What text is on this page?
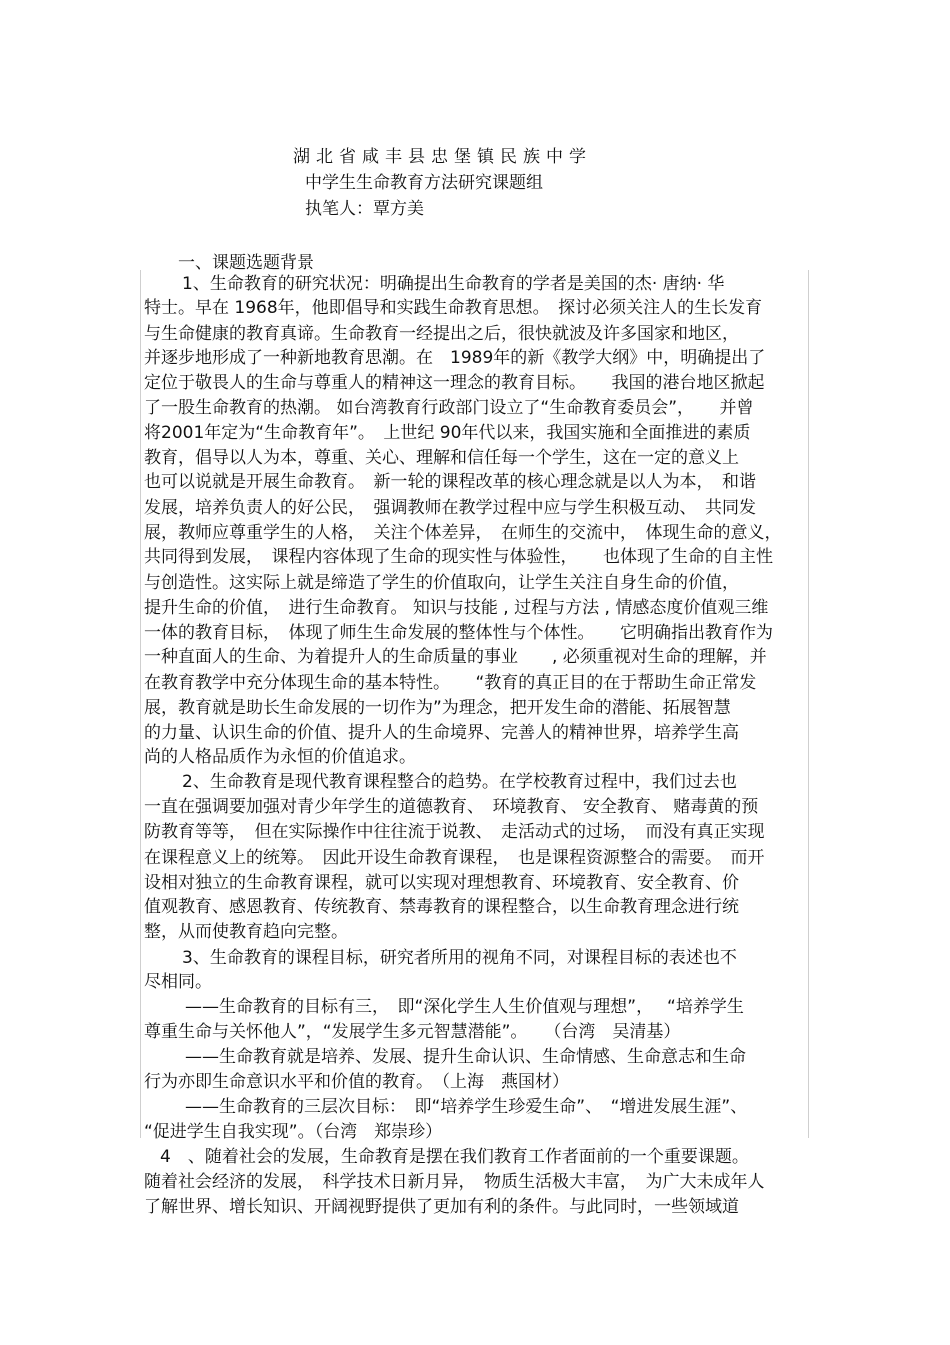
湖北省咸丰县忠堡镇民族中学
中学生生命教育方法研究课题组
执笔人：覃方美
一、课题选题背景
1、生命教育的研究状况：明确提出生命教育的学者是美国的杰· 唐纳· 华
特士。早在 1968年，他即倡导和实践生命教育思想。　探讨必须关注人的生长发育
与生命健康的教育真谛。生命教育一经提出之后，很快就波及许多国家和地区，
并逐步地形成了一种新地教育思潮。在　1989年的新《教学大纲》中，明确提出了
定位于敬畏人的生命与尊重人的精神这一理念的教育目标。　　我国的港台地区掀起
了一股生命教育的热潮。 如台湾教育行政部门设立了“生命教育委员会”，　　并曾
将2001年定为“生命教育年”。　上世纪 90年代以来，我国实施和全面推进的素质
教育，倡导以人为本，尊重、关心、理解和信任每一个学生，这在一定的意义上
也可以说就是开展生命教育。　新一轮的课程改革的核心理念就是以人为本，　和谐
发展，培养负责人的好公民，　强调教师在教学过程中应与学生积极互动、　共同发
展，教师应尊重学生的人格，　关注个体差异，　在师生的交流中，　体现生命的意义，
共同得到发展，　课程内容体现了生命的现实性与体验性，　　也体现了生命的自主性
与创造性。这实际上就是缔造了学生的价值取向，让学生关注自身生命的价值，
提升生命的价值，　进行生命教育。 知识与技能 , 过程与方法 , 情感态度价值观三维
一体的教育目标，　体现了师生生命发展的整体性与个体性。　　它明确指出教育作为
一种直面人的生命、为着提升人的生命质量的事业　　, 必须重视对生命的理解，并
在教育教学中充分体现生命的基本特性。　　“教育的真正目的在于帮助生命正常发
展，教育就是助长生命发展的一切作为”为理念，把开发生命的潜能、拓展智慧
的力量、认识生命的价值、提升人的生命境界、完善人的精神世界，培养学生高
尚的人格品质作为永恒的价值追求。
2、生命教育是现代教育课程整合的趋势。在学校教育过程中，我们过去也
一直在强调要加强对青少年学生的道德教育、　环境教育、 安全教育、 赌毒黄的预
防教育等等，　但在实际操作中往往流于说教、　走活动式的过场，　而没有真正实现
在课程意义上的统筹。　因此开设生命教育课程，　也是课程资源整合的需要。　而开
设相对独立的生命教育课程，就可以实现对理想教育、环境教育、安全教育、价
值观教育、感恩教育、传统教育、禁毒教育的课程整合，以生命教育理念进行统
整，从而使教育趋向完整。
3、生命教育的课程目标，研究者所用的视角不同，对课程目标的表述也不
尽相同。
——生命教育的目标有三，　即“深化学生人生价值观与理想”，　 “培养学生
尊重生命与关怀他人”，“发展学生多元智慧潜能”。　　（台湾　吴清基）
——生命教育就是培养、发展、提升生命认识、生命情感、生命意志和生命
行为亦即生命意识水平和价值的教育。　（上海　燕国材）
——生命教育的三层次目标：　即“培养学生珍爱生命”、　“增进发展生涯”、
“促进学生自我实现”。（台湾　郑崇珍）
4　、随着社会的发展，生命教育是摆在我们教育工作者面前的一个重要课题。
随着社会经济的发展，　科学技术日新月异，　物质生活极大丰富，　为广大未成年人
了解世界、增长知识、开阔视野提供了更加有利的条件。与此同时，一些领域道
